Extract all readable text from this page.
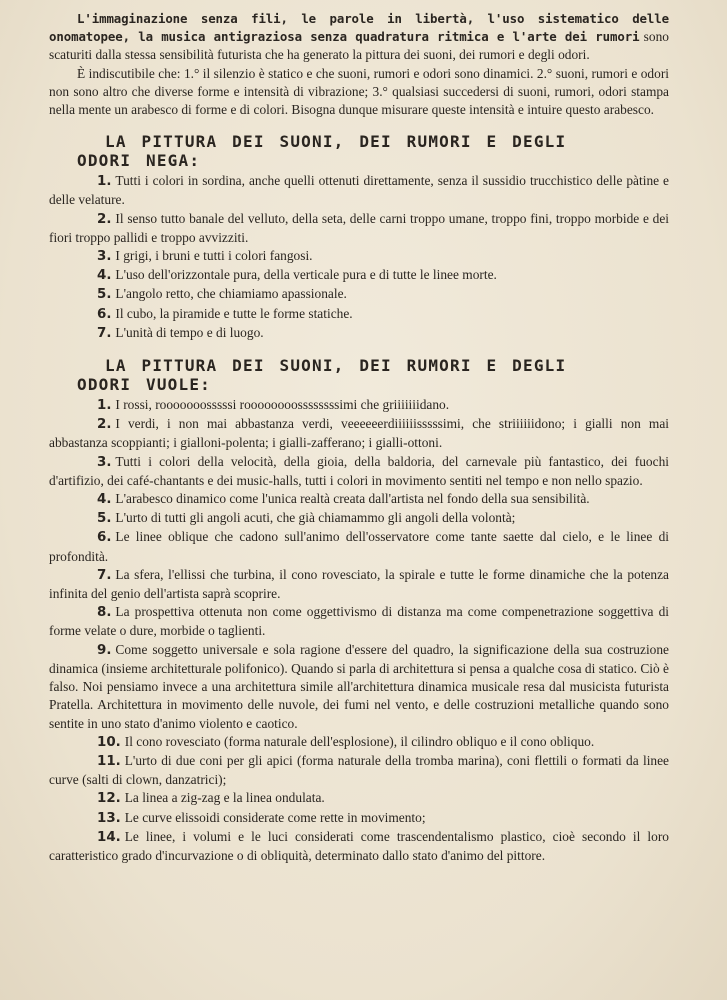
L'immaginazione senza fili, le parole in libertà, l'uso sistematico delle onomatopee, la musica antigraziosa senza quadratura ritmica e l'arte dei rumori sono scaturiti dalla stessa sensibilità futurista che ha generato la pittura dei suoni, dei rumori e degli odori.

È indiscutibile che: 1.° il silenzio è statico e che suoni, rumori e odori sono dinamici. 2.° suoni, rumori e odori non sono altro che diverse forme e intensità di vibrazione; 3.° qualsiasi succedersi di suoni, rumori, odori stampa nella mente un arabesco di forme e di colori. Bisogna dunque misurare queste intensità e intuire questo arabesco.

LA PITTURA DEI SUONI, DEI RUMORI E DEGLI
ODORI NEGA:

1. Tutti i colori in sordina, anche quelli ottenuti direttamente, senza il sussidio trucchistico delle pàtine e delle velature.

2. Il senso tutto banale del velluto, della seta, delle carni troppo umane, troppo fini, troppo morbide e dei fiori troppo pallidi e troppo avvizziti.

3. I grigi, i bruni e tutti i colori fangosi.

4. L'uso dell'orizzontale pura, della verticale pura e di tutte le linee morte.

5. L'angolo retto, che chiamiamo apassionale.

6. Il cubo, la piramide e tutte le forme statiche.

7. L'unità di tempo e di luogo.

LA PITTURA DEI SUONI, DEI RUMORI E DEGLI
ODORI VUOLE:

1. I rossi, rooooooosssssi roooooooossssssssimi che griiiiiiidano.

2. I verdi, i non mai abbastanza verdi, veeeeeerdiiiiiisssssimi, che striiiiiidono; i gialli non mai abbastanza scoppianti; i gialloni-polenta; i gialli-zafferano; i gialli-ottoni.

3. Tutti i colori della velocità, della gioia, della baldoria, del carnevale più fantastico, dei fuochi d'artifizio, dei café-chantants e dei music-halls, tutti i colori in movimento sentiti nel tempo e non nello spazio.

4. L'arabesco dinamico come l'unica realtà creata dall'artista nel fondo della sua sensibilità.

5. L'urto di tutti gli angoli acuti, che già chiamammo gli angoli della volontà;

6. Le linee oblique che cadono sull'animo dell'osservatore come tante saette dal cielo, e le linee di profondità.

7. La sfera, l'ellissi che turbina, il cono rovesciato, la spirale e tutte le forme dinamiche che la potenza infinita del genio dell'artista saprà scoprire.

8. La prospettiva ottenuta non come oggettivismo di distanza ma come compenetrazione soggettiva di forme velate o dure, morbide o taglienti.

9. Come soggetto universale e sola ragione d'essere del quadro, la significazione della sua costruzione dinamica (insieme architetturale polifonico). Quando si parla di architettura si pensa a qualche cosa di statico. Ciò è falso. Noi pensiamo invece a una architettura simile all'architettura dinamica musicale resa dal musicista futurista Pratella. Architettura in movimento delle nuvole, dei fumi nel vento, e delle costruzioni metalliche quando sono sentite in uno stato d'animo violento e caotico.

10. Il cono rovesciato (forma naturale dell'esplosione), il cilindro obliquo e il cono obliquo.

11. L'urto di due coni per gli apici (forma naturale della tromba marina), coni flettili o formati da linee curve (salti di clown, danzatrici);

12. La linea a zig-zag e la linea ondulata.

13. Le curve elissoidi considerate come rette in movimento;

14. Le linee, i volumi e le luci considerati come trascendentalismo plastico, cioè secondo il loro caratteristico grado d'incurvazione o di obliquità, determinato dallo stato d'animo del pittore.
